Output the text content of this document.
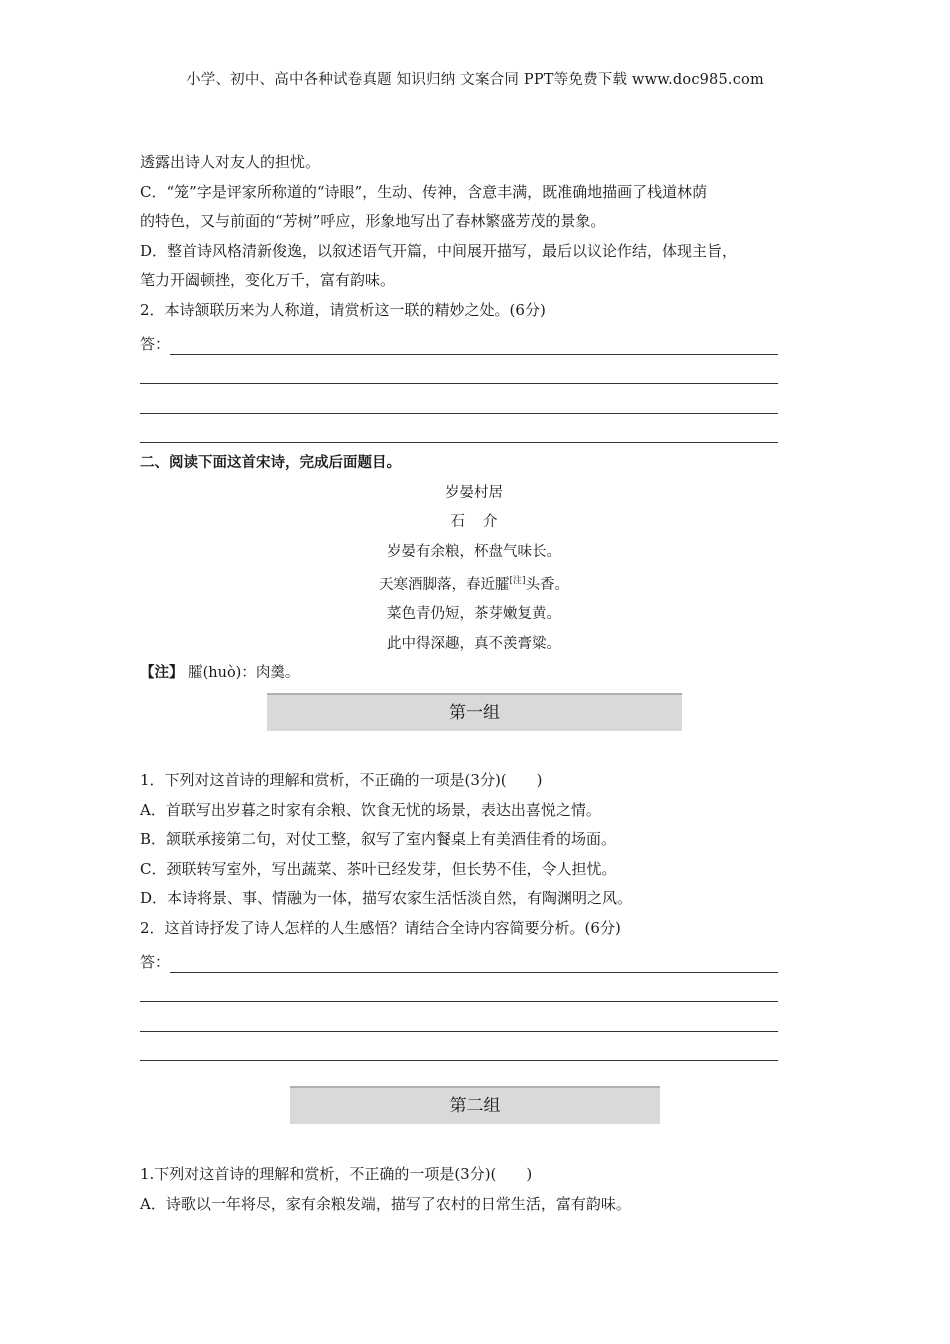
小学、初中、高中各种试卷真题 知识归纳 文案合同 PPT等免费下载 www.doc985.com
透露出诗人对友人的担忧。
C．“笼”字是评家所称道的“诗眼”，生动、传神，含意丰满，既准确地描画了栈道林荫
的特色，又与前面的“芳树”呼应，形象地写出了春林繁盛芳茂的景象。
D．整首诗风格清新俊逸，以叙述语气开篇，中间展开描写，最后以议论作结，体现主旨，
笔力开阖顿挫，变化万千，富有韵味。
2．本诗颔联历来为人称道，请赏析这一联的精妙之处。(6分)
答：
二、阅读下面这首宋诗，完成后面题目。
岁晏村居
石介
岁晏有余粮，杯盘气味长。
天寒酒脚落，春近臛[注]头香。
菜色青仍短，茶芽嫩复黄。
此中得深趣，真不羡膏粱。
【注】 臛(huò)：肉羹。
第一组
1．下列对这首诗的理解和赏析，不正确的一项是(3分)(　　)
A．首联写出岁暮之时家有余粮、饮食无忧的场景，表达出喜悦之情。
B．颔联承接第二句，对仗工整，叙写了室内餐桌上有美酒佳肴的场面。
C．颈联转写室外，写出蔬菜、茶叶已经发芽，但长势不佳，令人担忧。
D．本诗将景、事、情融为一体，描写农家生活恬淡自然，有陶渊明之风。
2．这首诗抒发了诗人怎样的人生感悟？请结合全诗内容简要分析。(6分)
答：
第二组
1.下列对这首诗的理解和赏析，不正确的一项是(3分)(　　)
A．诗歌以一年将尽，家有余粮发端，描写了农村的日常生活，富有韵味。
